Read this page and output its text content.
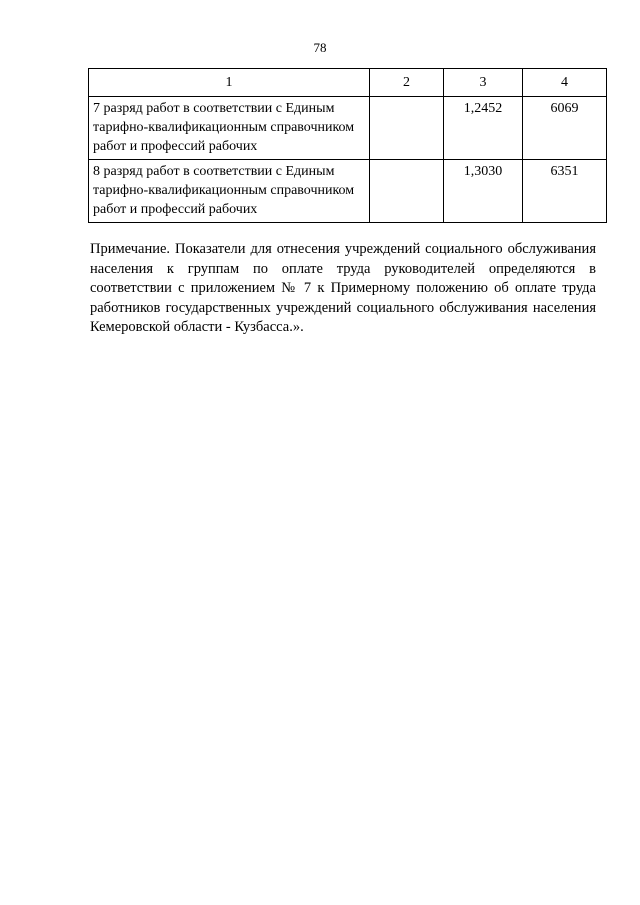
78
1	2	3	4
7 разряд работ в соответствии с Единым тарифно-квалификационным справочником работ и профессий рабочих		1,2452	6069
8 разряд работ в соответствии с Единым тарифно-квалификационным справочником работ и профессий рабочих		1,3030	6351

Примечание. Показатели для отнесения учреждений социального обслуживания населения к группам по оплате труда руководителей определяются в соответствии с приложением № 7 к Примерному положению об оплате труда работников государственных учреждений социального обслуживания населения Кемеровской области - Кузбасса.».
